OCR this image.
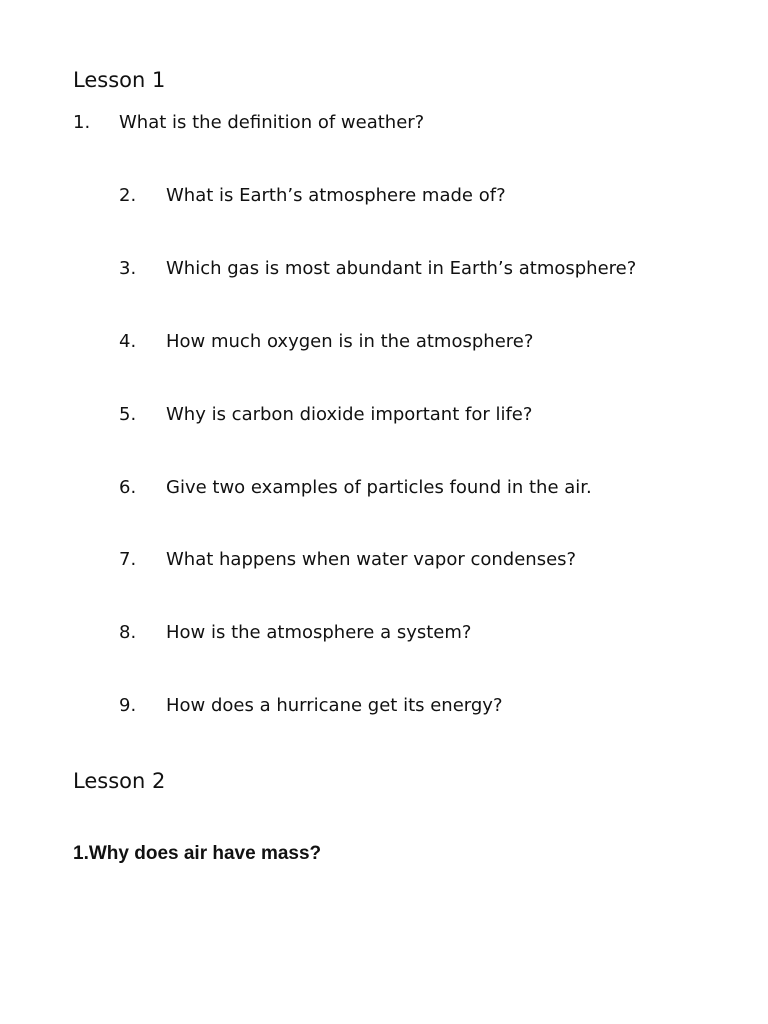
Lesson 1
1. What is the definition of weather?
2. What is Earth’s atmosphere made of?
3. Which gas is most abundant in Earth’s atmosphere?
4. How much oxygen is in the atmosphere?
5. Why is carbon dioxide important for life?
6. Give two examples of particles found in the air.
7. What happens when water vapor condenses?
8. How is the atmosphere a system?
9. How does a hurricane get its energy?
Lesson 2
1.Why does air have mass?
